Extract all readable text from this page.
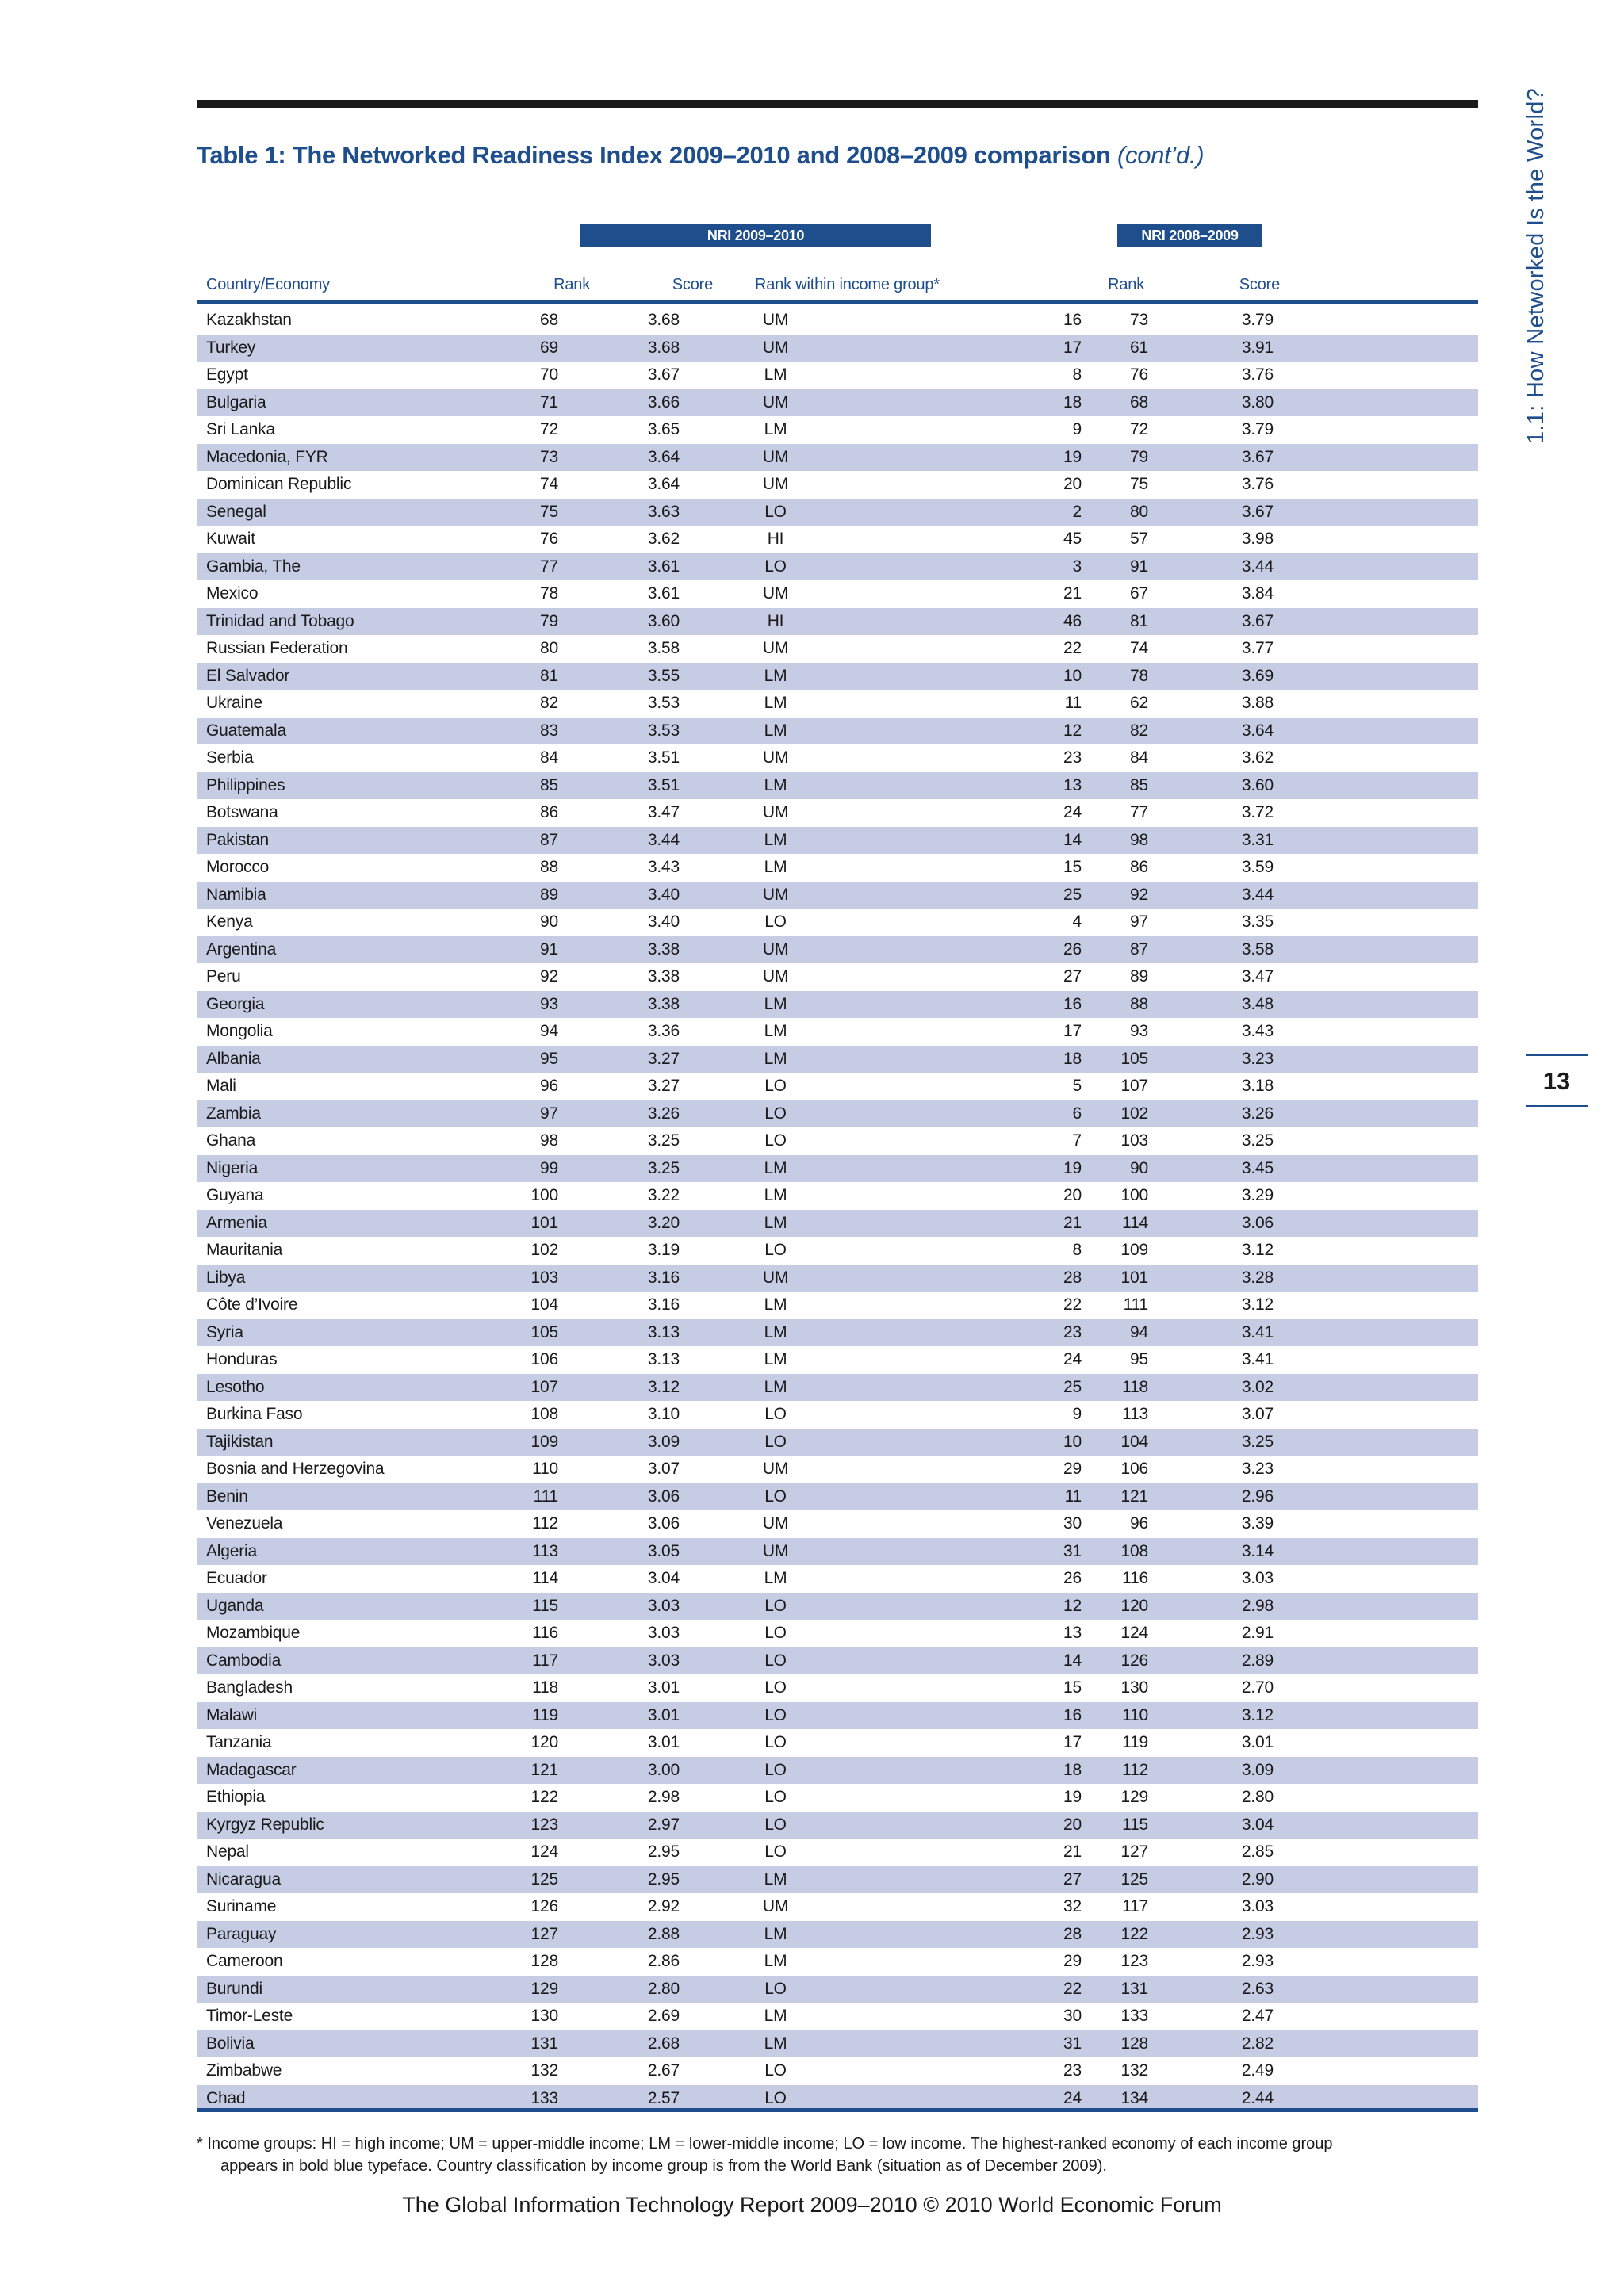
Table 1: The Networked Readiness Index 2009–2010 and 2008–2009 comparison (cont’d.)
NRI 2009–2010	NRI 2008–2009
Country/Economy	Rank	Score	Rank within income group*	Rank	Score
Kazakhstan	68	3.68	UM	16	73	3.79
Turkey	69	3.68	UM	17	61	3.91
Egypt	70	3.67	LM	8	76	3.76
Bulgaria	71	3.66	UM	18	68	3.80
Sri Lanka	72	3.65	LM	9	72	3.79
Macedonia, FYR	73	3.64	UM	19	79	3.67
Dominican Republic	74	3.64	UM	20	75	3.76
Senegal	75	3.63	LO	2	80	3.67
Kuwait	76	3.62	HI	45	57	3.98
Gambia, The	77	3.61	LO	3	91	3.44
Mexico	78	3.61	UM	21	67	3.84
Trinidad and Tobago	79	3.60	HI	46	81	3.67
Russian Federation	80	3.58	UM	22	74	3.77
El Salvador	81	3.55	LM	10	78	3.69
Ukraine	82	3.53	LM	11	62	3.88
Guatemala	83	3.53	LM	12	82	3.64
Serbia	84	3.51	UM	23	84	3.62
Philippines	85	3.51	LM	13	85	3.60
Botswana	86	3.47	UM	24	77	3.72
Pakistan	87	3.44	LM	14	98	3.31
Morocco	88	3.43	LM	15	86	3.59
Namibia	89	3.40	UM	25	92	3.44
Kenya	90	3.40	LO	4	97	3.35
Argentina	91	3.38	UM	26	87	3.58
Peru	92	3.38	UM	27	89	3.47
Georgia	93	3.38	LM	16	88	3.48
Mongolia	94	3.36	LM	17	93	3.43
Albania	95	3.27	LM	18 105	3.23
Mali	96	3.27	LO	5 107	3.18
Zambia	97	3.26	LO	6 102	3.26
Ghana	98	3.25	LO	7 103	3.25
Nigeria	99	3.25	LM	19	90	3.45
Guyana	100	3.22	LM	20 100	3.29
Armenia	101	3.20	LM	21 114	3.06
Mauritania	102	3.19	LO	8 109	3.12
Libya	103	3.16	UM	28 101	3.28
Côte d’Ivoire	104	3.16	LM	22	111	3.12
Syria	105	3.13	LM	23	94	3.41
Honduras	106	3.13	LM	24	95	3.41
Lesotho	107	3.12	LM	25 118	3.02
Burkina Faso	108	3.10	LO	9 113	3.07
Tajikistan	109	3.09	LO	10 104	3.25
Bosnia and Herzegovina	110	3.07	UM	29 106	3.23
Benin	111	3.06	LO	11 121	2.96
Venezuela	112	3.06	UM	30	96	3.39
Algeria	113	3.05	UM	31 108	3.14
Ecuador	114	3.04	LM	26 116	3.03
Uganda	115	3.03	LO	12 120	2.98
Mozambique	116	3.03	LO	13 124	2.91
Cambodia	117	3.03	LO	14 126	2.89
Bangladesh	118	3.01	LO	15 130	2.70
Malawi	119	3.01	LO	16 110	3.12
Tanzania	120	3.01	LO	17 119	3.01
Madagascar	121	3.00	LO	18 112	3.09
Ethiopia	122	2.98	LO	19 129	2.80
Kyrgyz Republic	123	2.97	LO	20 115	3.04
Nepal	124	2.95	LO	21 127	2.85
Nicaragua	125	2.95	LM	27 125	2.90
Suriname	126	2.92	UM	32 117	3.03
Paraguay	127	2.88	LM	28 122	2.93
Cameroon	128	2.86	LM	29 123	2.93
Burundi	129	2.80	LO	22 131	2.63
Timor-Leste	130	2.69	LM	30 133	2.47
Bolivia	131	2.68	LM	31 128	2.82
Zimbabwe	132	2.67	LO	23 132	2.49
Chad	133	2.57	LO	24 134	2.44
* Income groups: HI = high income; UM = upper-middle income; LM = lower-middle income; LO = low income. The highest-ranked economy of each income group
appears in bold blue typeface. Country classification by income group is from the World Bank (situation as of December 2009).
The Global Information Technology Report 2009–2010 © 2010 World Economic Forum
1.1: How Networked Is the World?
13
